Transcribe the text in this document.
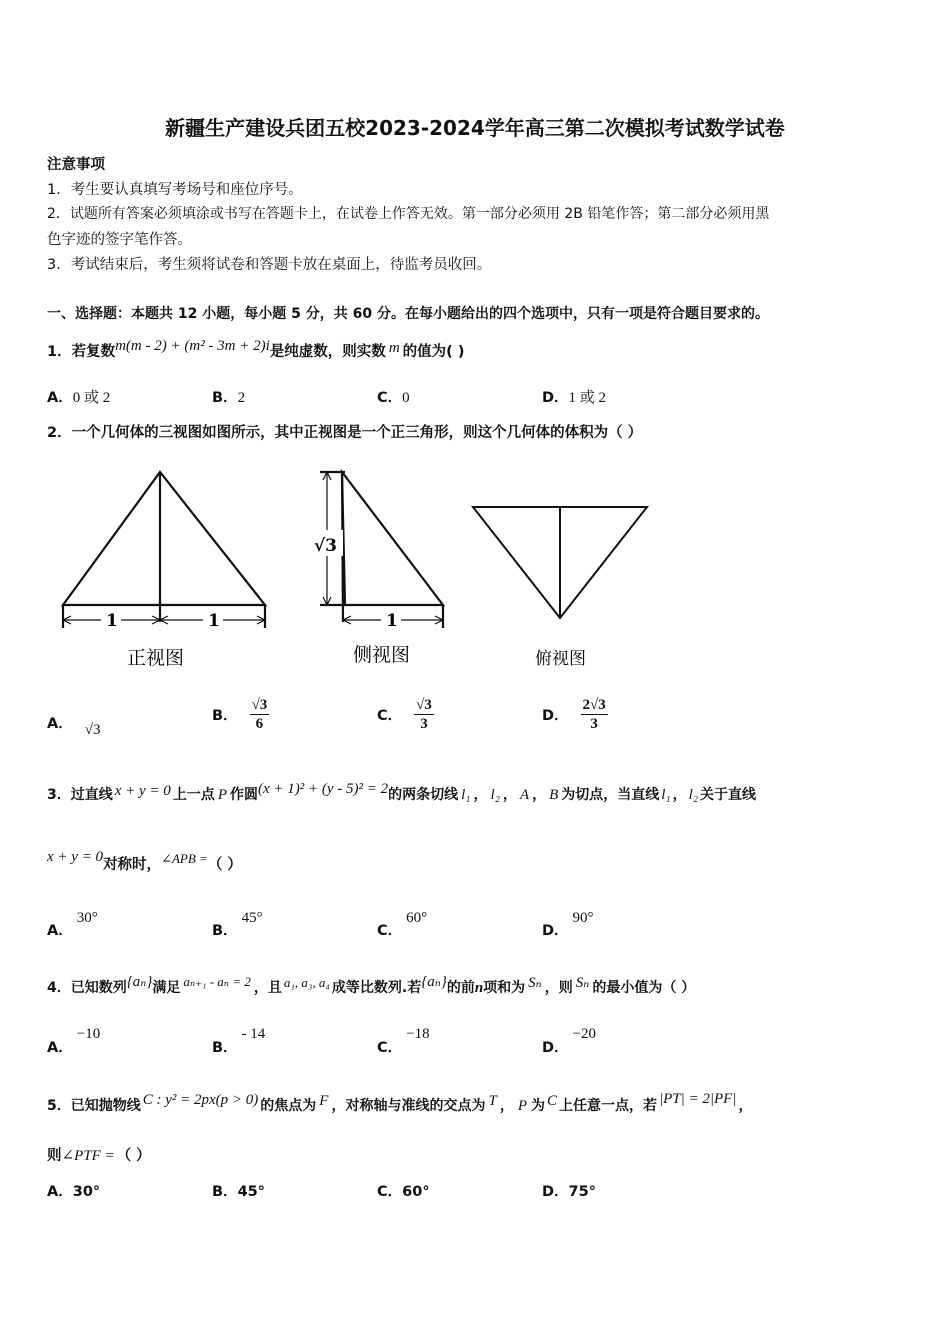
新疆生产建设兵团五校2023-2024学年高三第二次模拟考试数学试卷
注意事项
1．考生要认真填写考场号和座位序号。
2．试题所有答案必须填涂或书写在答题卡上，在试卷上作答无效。第一部分必须用 2B 铅笔作答；第二部分必须用黑
色字迹的签字笔作答。
3．考试结束后，考生须将试卷和答题卡放在桌面上，待监考员收回。
一、选择题：本题共 12 小题，每小题 5 分，共 60 分。在每小题给出的四个选项中，只有一项是符合题目要求的。
1．若复数m(m - 2) + (m² - 3m + 2)i是纯虚数，则实数 m 的值为( )
A．0 或 2	B．2	C．0	D．1 或 2
2．一个几何体的三视图如图所示，其中正视图是一个正三角形，则这个几何体的体积为（ ）
1	1
正视图
√3
1
侧视图	俯视图
A． √3
B． $\frac{√3}{6}$	C． $\frac{√3}{3}$	D． $\frac{2√3}{3}$
3．过直线 x + y = 0 上一点 P 作圆(x + 1)² + (y - 5)² = 2的两条切线 l₁ ， l₂ ， A ， B 为切点，当直线 l₁ ， l₂ 关于直线
x + y = 0对称时，∠APB =（ ）
A．30°
B．45°
C．60°
D．90°
4．已知数列{aₙ}满足 aₙ₊₁ - aₙ = 2 ，且 a₁, a₃, a₄ 成等比数列.若{aₙ}的前n项和为 Sₙ ，则 Sₙ 的最小值为（ ）
A．−10
B．- 14
C．−18
D．−20
5．已知抛物线 C : y² = 2px(p > 0) 的焦点为 F ，对称轴与准线的交点为 T ， P 为 C 上任意一点，若 |PT| = 2|PF| ，
则∠PTF = （ ）
A．30°	B．45°	C．60°	D．75°
